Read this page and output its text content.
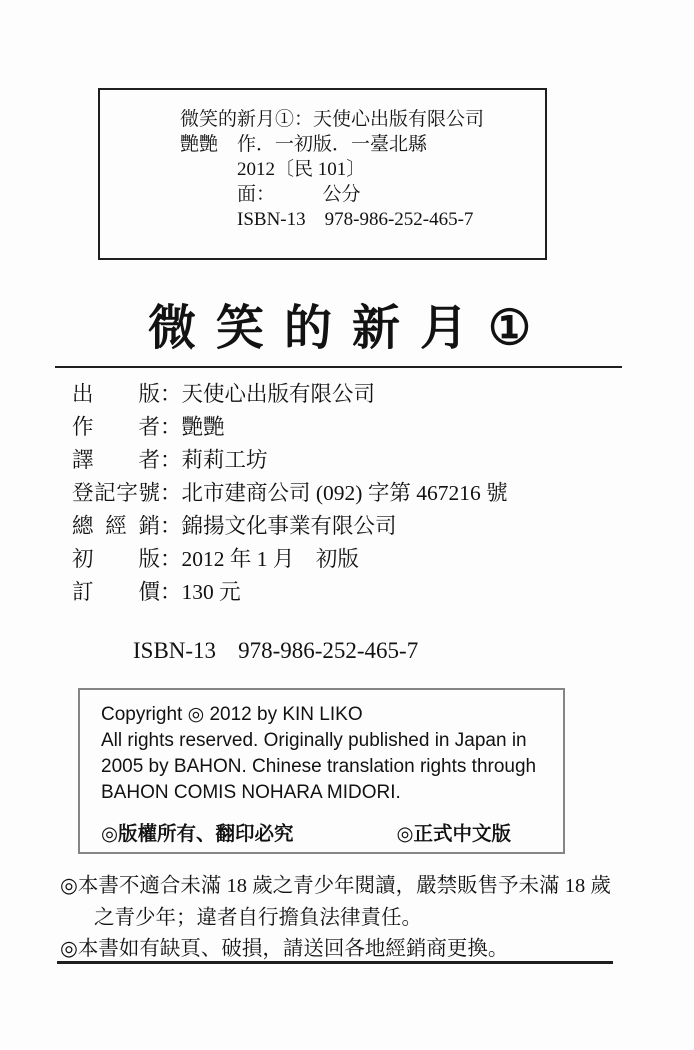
微笑的新月①：天使心出版有限公司
艷艷　作．一初版．一臺北縣
2012〔民 101〕
面：　　　公分
ISBN-13　978-986-252-465-7
微笑的新月①
出版：天使心出版有限公司
作者：艷艷
譯者：莉莉工坊
登記字號：北市建商公司 (092) 字第 467216 號
總經銷：錦揚文化事業有限公司
初版：2012 年 1 月　初版
訂價：130 元
ISBN-13 978-986-252-465-7
Copyright ◎ 2012 by KIN LIKO
All rights reserved. Originally published in Japan in
2005 by BAHON. Chinese translation rights through
BAHON COMIS NOHARA MIDORI.
◎版權所有、翻印必究	◎正式中文版
◎本書不適合未滿 18 歲之青少年閱讀，嚴禁販售予未滿 18 歲
之青少年；違者自行擔負法律責任。
◎本書如有缺頁、破損，請送回各地經銷商更換。
